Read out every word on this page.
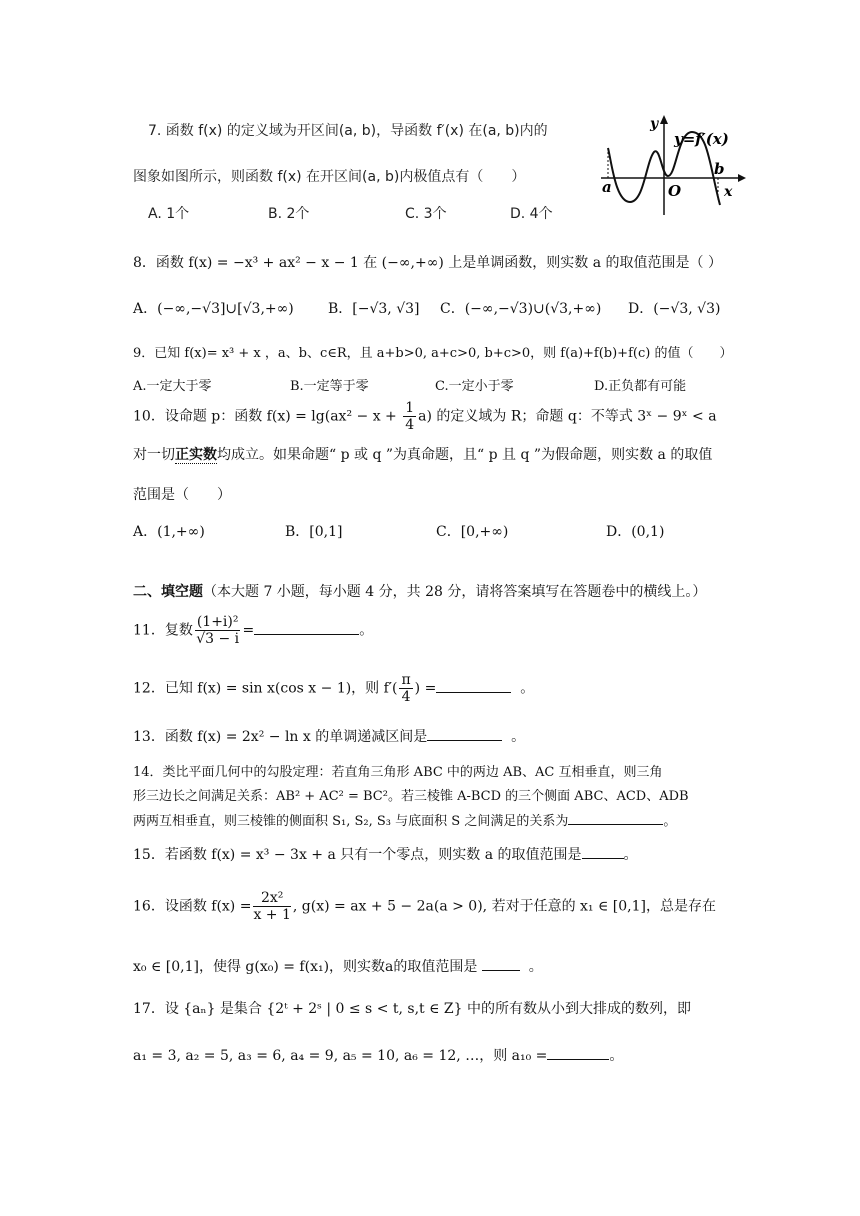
7. 函数 f(x) 的定义域为开区间(a, b)，导函数 f′(x) 在(a, b)内的
图象如图所示，则函数 f(x) 在开区间(a, b)内极值点有（　　）
A. 1个	B. 2个	C. 3个	D. 4个
y
y=f′(x)
a	O
b
x
8．函数 f(x) = −x³ + ax² − x − 1 在 (−∞,+∞) 上是单调函数，则实数 a 的取值范围是（ ）
A．(−∞,−√3]∪[√3,+∞) B．[−√3, √3] C．(−∞,−√3)∪(√3,+∞) D．(−√3, √3)
9．已知 f(x)= x³ + x ，a、b、c∈R，且 a+b>0, a+c>0, b+c>0，则 f(a)+f(b)+f(c) 的值（　　）
A.一定大于零	B.一定等于零	C.一定小于零	D.正负都有可能
10．设命题 p：函数 $f(x) = \lg(ax^2 - x + \frac{1}{4} a)$ 的定义域为 R；命题 q：不等式 3ˣ − 9ˣ < a
对一切正实数均成立。如果命题“ p 或 q ”为真命题，且“ p 且 q ”为假命题，则实数 a 的取值
范围是（　　）
A．(1,+∞)	B．[0,1]	C．[0,+∞)	D．(0,1)
二、填空题（本大题 7 小题，每小题 4 分，共 28 分，请将答案填写在答题卷中的横线上。）
11．复数 $\frac{\text{(1+i)²}}{√3 - i}$ =	。
12．已知 f(x) = sin x(cos x − 1)，则 $f'( \frac{\pi}{4}$ ) =	。
13．函数 f(x) = 2x² − ln x 的单调递减区间是	。
14．类比平面几何中的勾股定理：若直角三角形 ABC 中的两边 AB、AC 互相垂直，则三角
形三边长之间满足关系：AB² + AC² = BC²。若三棱锥 A-BCD 的三个侧面 ABC、ACD、ADB
两两互相垂直，则三棱锥的侧面积 S₁, S₂, S₃ 与底面积 S 之间满足的关系为	。
15．若函数 f(x) = x³ − 3x + a 只有一个零点，则实数 a 的取值范围是	。
16．设函数 $f(x) = \frac{\text{2x²}}{x + 1}$ , g(x) = ax + 5 − 2a(a > 0), 若对于任意的 x₁ ∈ [0,1]，总是存在
x₀ ∈ [0,1]，使得 g(x₀) = f(x₁)，则实数a的取值范围是	。
17．设 {aₙ} 是集合 {2ᵗ + 2ˢ | 0 ≤ s < t, s,t ∈ Z} 中的所有数从小到大排成的数列，即
a₁ = 3, a₂ = 5, a₃ = 6, a₄ = 9, a₅ = 10, a₆ = 12, …，则 a₁₀ =	。
